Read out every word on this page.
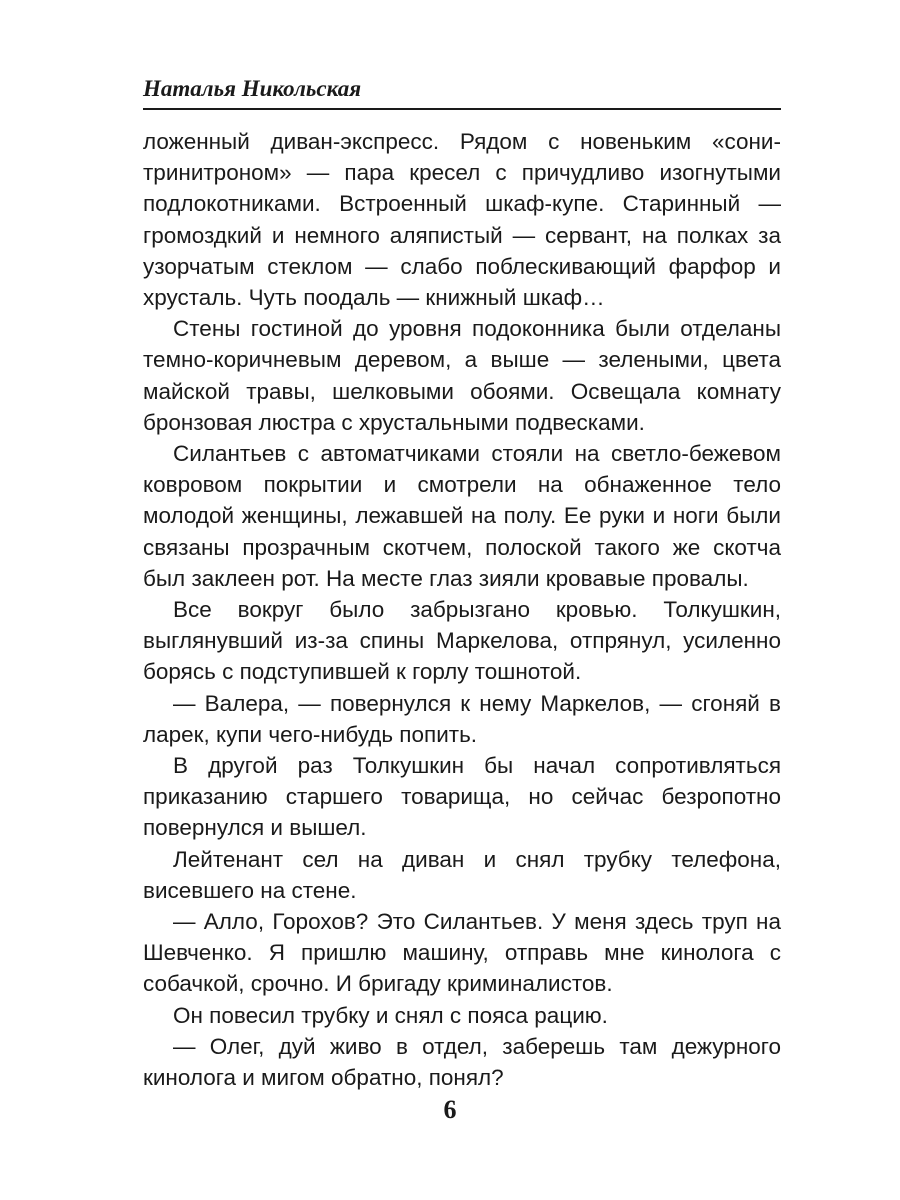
Наталья Никольская

ложенный диван-экспресс. Рядом с новеньким «сони-тринитроном» — пара кресел с причудливо изогнутыми подлокотниками. Встроенный шкаф-купе. Старинный — громоздкий и немного аляпистый — сервант, на полках за узорчатым стеклом — слабо поблескивающий фарфор и хрусталь. Чуть поодаль — книжный шкаф…

Стены гостиной до уровня подоконника были отделаны темно-коричневым деревом, а выше — зелеными, цвета майской травы, шелковыми обоями. Освещала комнату бронзовая люстра с хрустальными подвесками.

Силантьев с автоматчиками стояли на светло-бежевом ковровом покрытии и смотрели на обнаженное тело молодой женщины, лежавшей на полу. Ее руки и ноги были связаны прозрачным скотчем, полоской такого же скотча был заклеен рот. На месте глаз зияли кровавые провалы.

Все вокруг было забрызгано кровью. Толкушкин, выглянувший из-за спины Маркелова, отпрянул, усиленно борясь с подступившей к горлу тошнотой.

— Валера, — повернулся к нему Маркелов, — сгоняй в ларек, купи чего-нибудь попить.

В другой раз Толкушкин бы начал сопротивляться приказанию старшего товарища, но сейчас безропотно повернулся и вышел.

Лейтенант сел на диван и снял трубку телефона, висевшего на стене.

— Алло, Горохов? Это Силантьев. У меня здесь труп на Шевченко. Я пришлю машину, отправь мне кинолога с собачкой, срочно. И бригаду криминалистов.

Он повесил трубку и снял с пояса рацию.

— Олег, дуй живо в отдел, заберешь там дежурного кинолога и мигом обратно, понял?

6
